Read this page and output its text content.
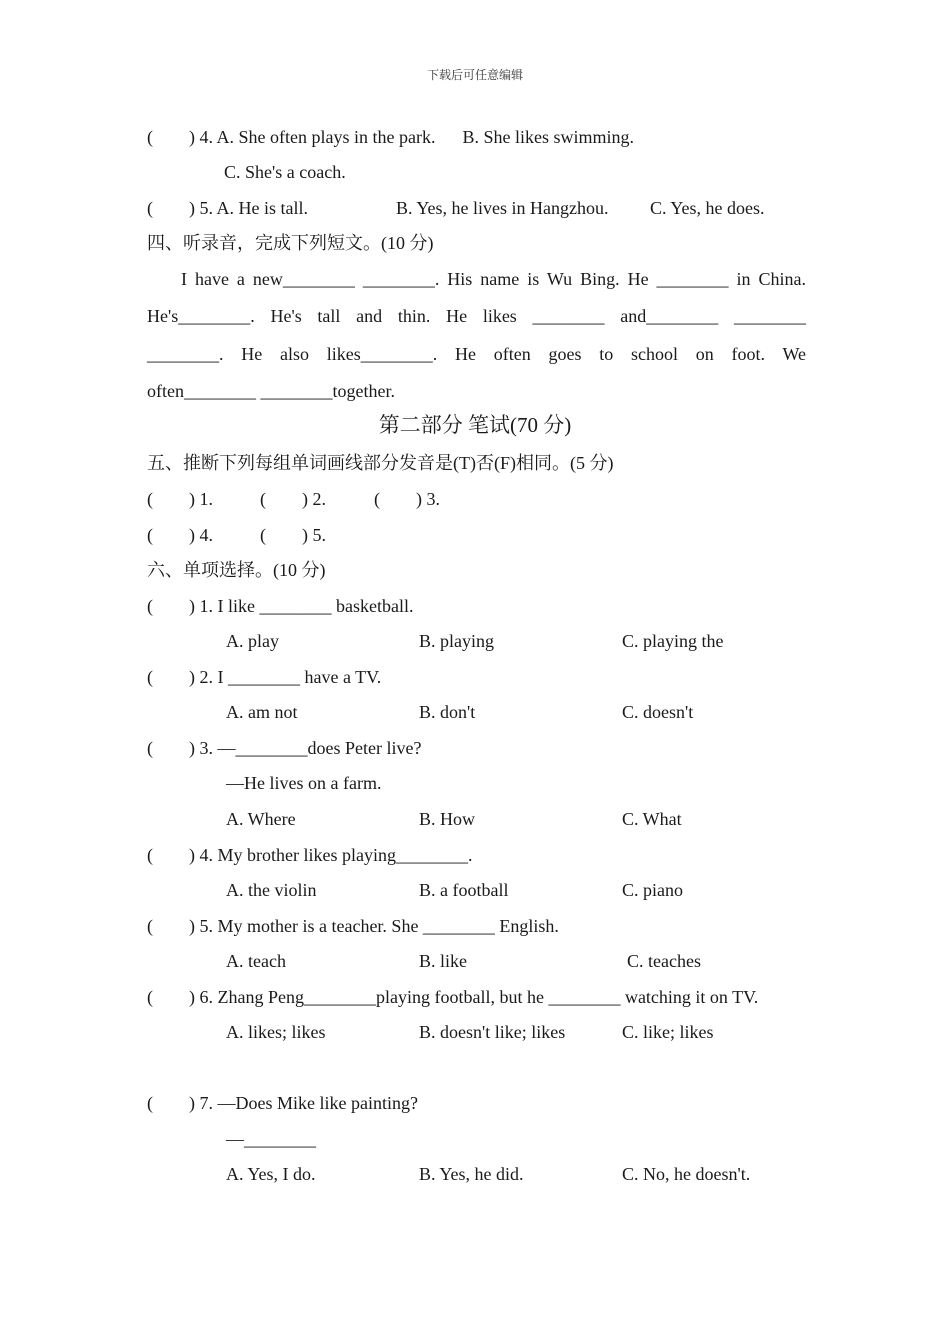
下载后可任意编辑
(        ) 4. A. She often plays in the park.      B. She likes swimming.
C. She's a coach.
(        ) 5. A. He is tall.	B. Yes, he lives in Hangzhou. C. Yes, he does.
四、听录音，完成下列短文。(10 分)
I have a new________ ________. His name is Wu Bing. He ________ in China.
He's________. He's tall and thin. He likes ________ and________ ________
________. He also likes________. He often goes to school on foot. We
often________ ________together.
第二部分 笔试(70 分)
五、推断下列每组单词画线部分发音是(T)否(F)相同。(5 分)
(        ) 1.	(        ) 2.	(        ) 3.
(        ) 4.	(        ) 5.
六、单项选择。(10 分)
(        ) 1. I like ________ basketball.
A. play	B. playing	C. playing the
(        ) 2. I ________ have a TV.
A. am not	B. don't	C. doesn't
(        ) 3. —________does Peter live?
—He lives on a farm.
A. Where	B. How	C. What
(        ) 4. My brother likes playing________.
A. the violin	B. a football	C. piano
(        ) 5. My mother is a teacher. She ________ English.
A. teach	B. like	C. teaches
(        ) 6. Zhang Peng________playing football, but he ________ watching it on TV.
A. likes; likes	B. doesn't like; likes	C. like; likes
(        ) 7. —Does Mike like painting?
—________
A. Yes, I do.	B. Yes, he did.	C. No, he doesn't.
